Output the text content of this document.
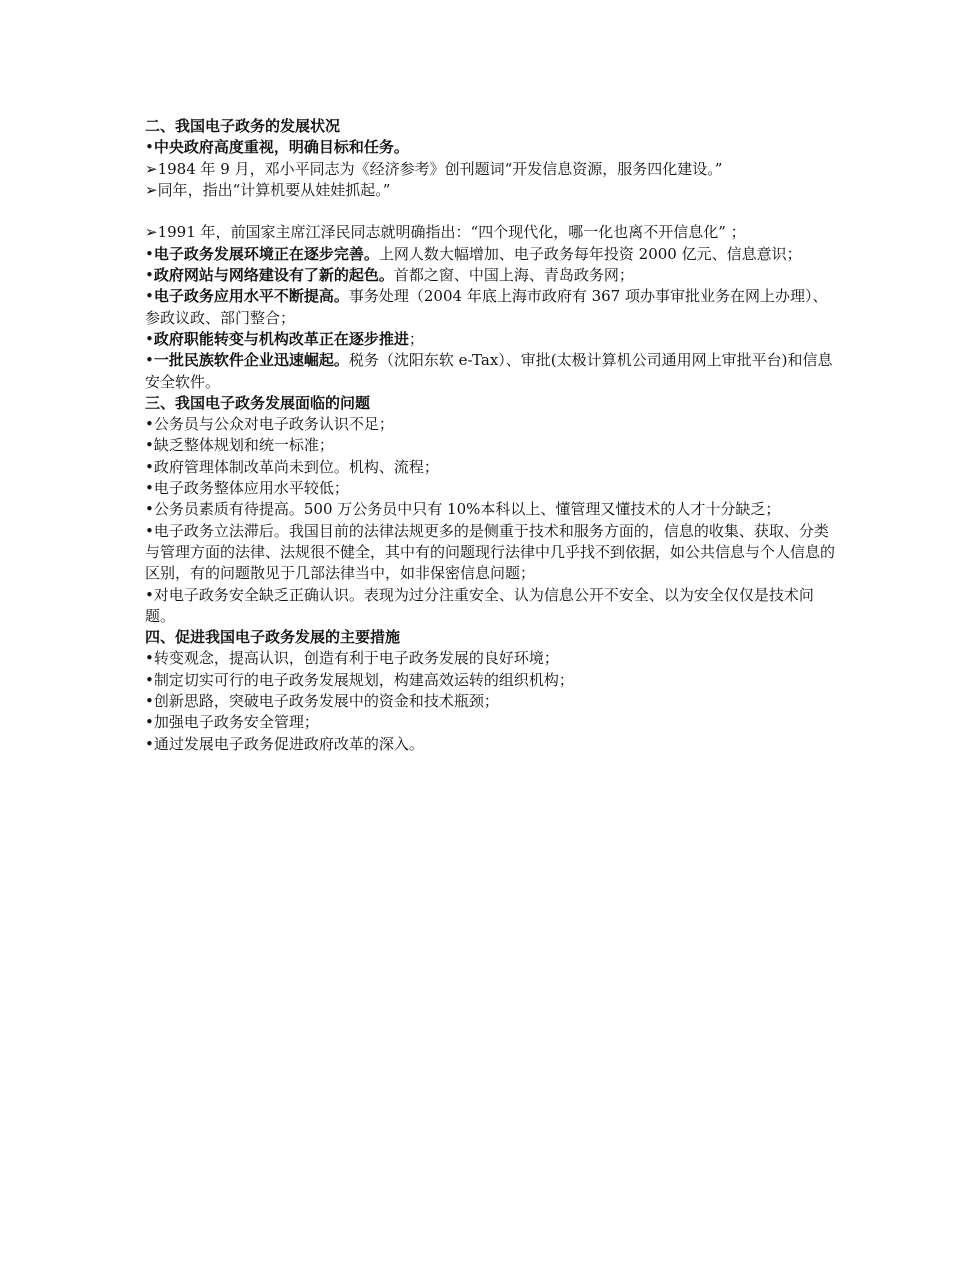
二、我国电子政务的发展状况

•中央政府高度重视，明确目标和任务。

➢1984 年 9 月，邓小平同志为《经济参考》创刊题词“开发信息资源，服务四化建设。”

➢同年，指出“计算机要从娃娃抓起。”

➢1991 年，前国家主席江泽民同志就明确指出：“四个现代化，哪一化也离不开信息化” ；

•电子政务发展环境正在逐步完善。上网人数大幅增加、电子政务每年投资 2000 亿元、信息意识；

•政府网站与网络建设有了新的起色。首都之窗、中国上海、青岛政务网；

•电子政务应用水平不断提高。事务处理（2004 年底上海市政府有 367 项办事审批业务在网上办理）、参政议政、部门整合；

•政府职能转变与机构改革正在逐步推进；

•一批民族软件企业迅速崛起。税务（沈阳东软 e-Tax）、审批(太极计算机公司通用网上审批平台)和信息安全软件。

三、我国电子政务发展面临的问题

•公务员与公众对电子政务认识不足；

•缺乏整体规划和统一标准；

•政府管理体制改革尚未到位。机构、流程；

•电子政务整体应用水平较低；

•公务员素质有待提高。500 万公务员中只有 10%本科以上、懂管理又懂技术的人才十分缺乏；

•电子政务立法滞后。我国目前的法律法规更多的是侧重于技术和服务方面的，信息的收集、获取、分类与管理方面的法律、法规很不健全，其中有的问题现行法律中几乎找不到依据，如公共信息与个人信息的区别，有的问题散见于几部法律当中，如非保密信息问题；

•对电子政务安全缺乏正确认识。表现为过分注重安全、认为信息公开不安全、以为安全仅仅是技术问题。

四、促进我国电子政务发展的主要措施

•转变观念，提高认识，创造有利于电子政务发展的良好环境；

•制定切实可行的电子政务发展规划，构建高效运转的组织机构；

•创新思路，突破电子政务发展中的资金和技术瓶颈；

•加强电子政务安全管理；

•通过发展电子政务促进政府改革的深入。
